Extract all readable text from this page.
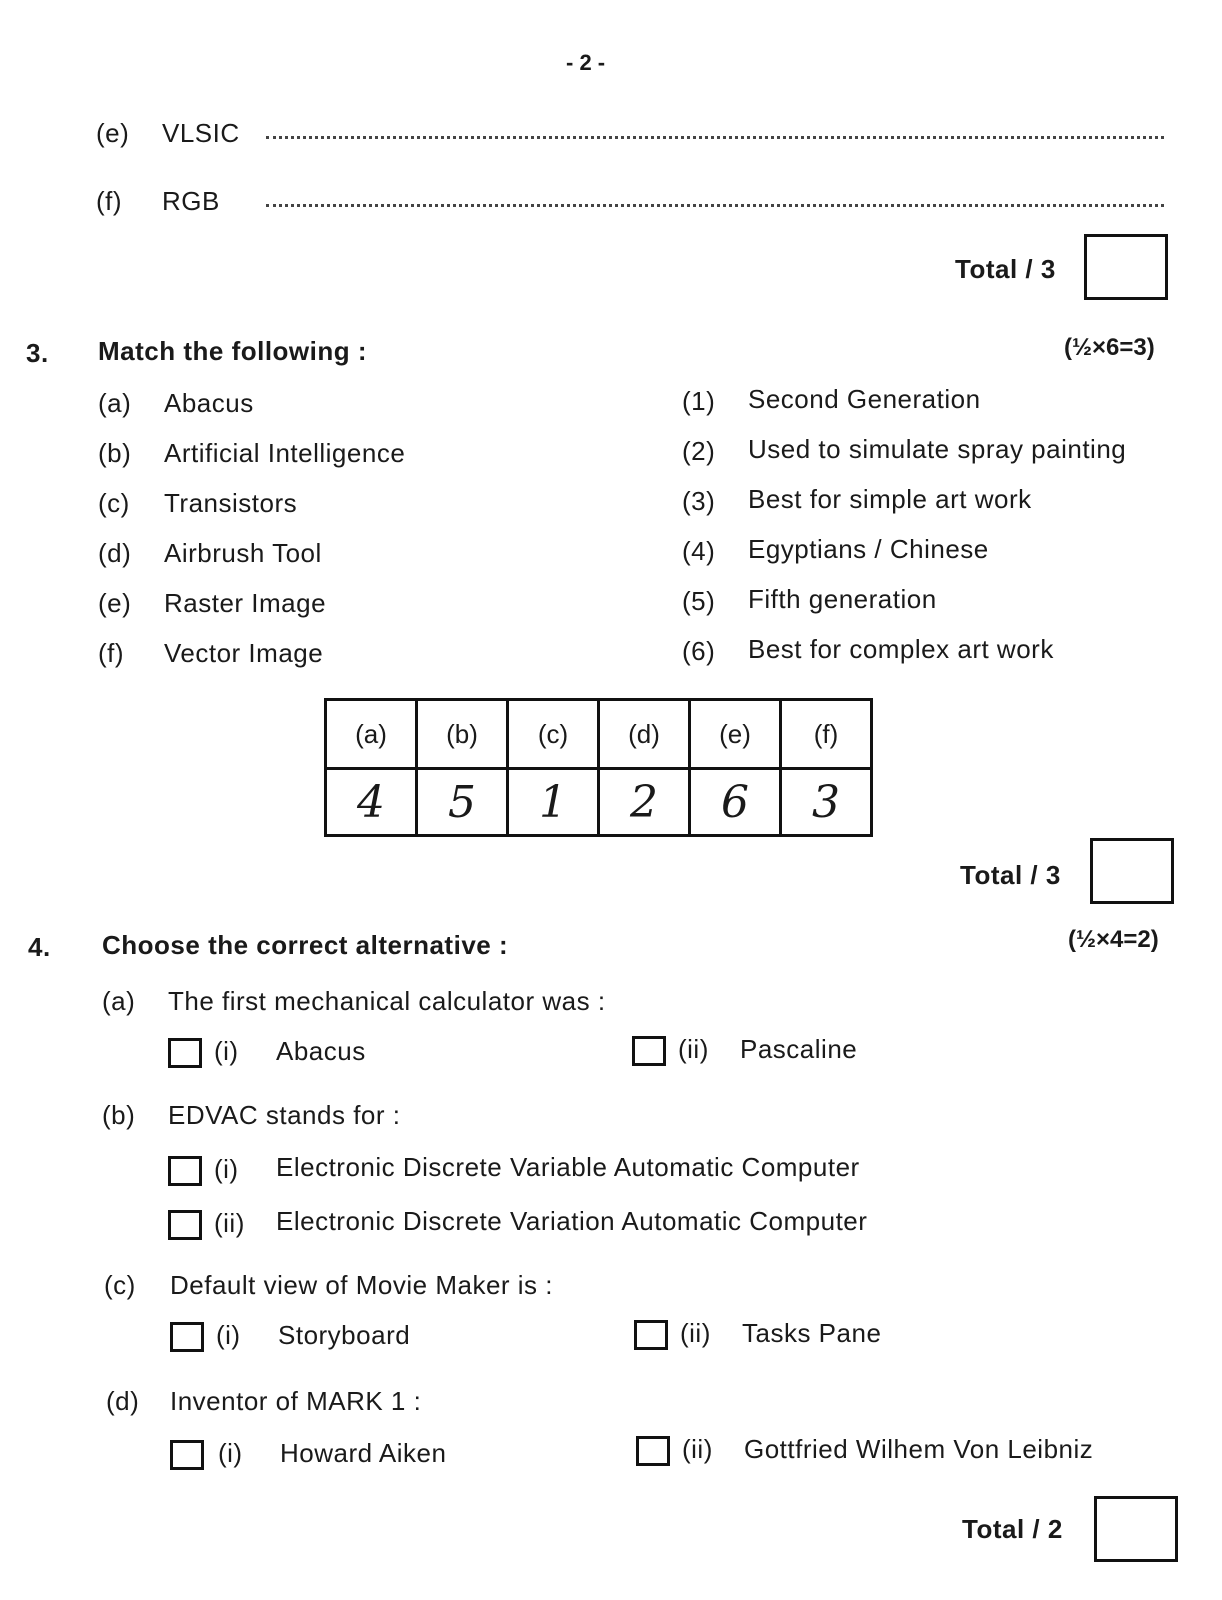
- 2 -
(e) VLSIC
(f) RGB
Total / 3
3. Match the following :	(½×6=3)
(a) Abacus
(b) Artificial Intelligence
(c) Transistors
(d) Airbrush Tool
(e) Raster Image
(f) Vector Image
(1) Second Generation
(2) Used to simulate spray painting
(3) Best for simple art work
(4) Egyptians / Chinese
(5) Fifth generation
(6) Best for complex art work
(a)	(b)	(c)	(d)	(e)	(f)
4	5	1	2	6	3
Total / 3
4. Choose the correct alternative :	(½×4=2)
(a) The first mechanical calculator was :
(i) Abacus	(ii) Pascaline
(b) EDVAC stands for :
(i) Electronic Discrete Variable Automatic Computer
(ii) Electronic Discrete Variation Automatic Computer
(c) Default view of Movie Maker is :
(i) Storyboard	(ii) Tasks Pane
(d) Inventor of MARK 1 :
(i) Howard Aiken	(ii) Gottfried Wilhem Von Leibniz
Total / 2
